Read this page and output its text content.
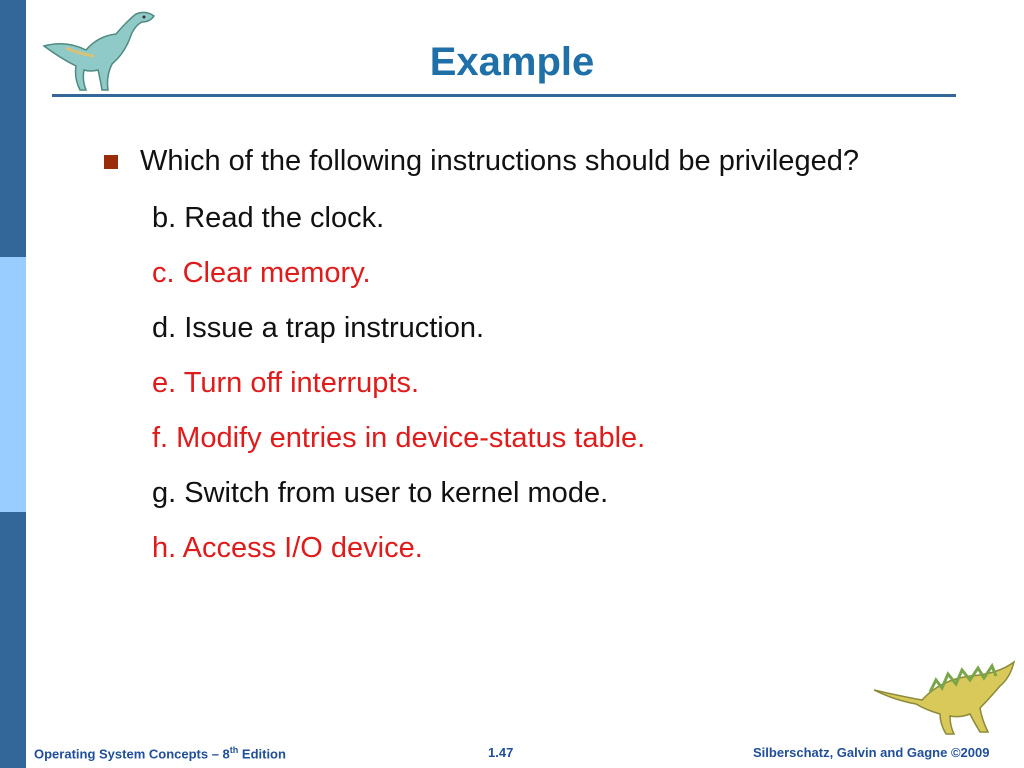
Example
Which of the following instructions should be privileged?
b. Read the clock.
c. Clear memory.
d. Issue a trap instruction.
e. Turn off interrupts.
f. Modify entries in device-status table.
g. Switch from user to kernel mode.
h. Access I/O device.
Operating System Concepts – 8th Edition	1.47	Silberschatz, Galvin and Gagne ©2009
